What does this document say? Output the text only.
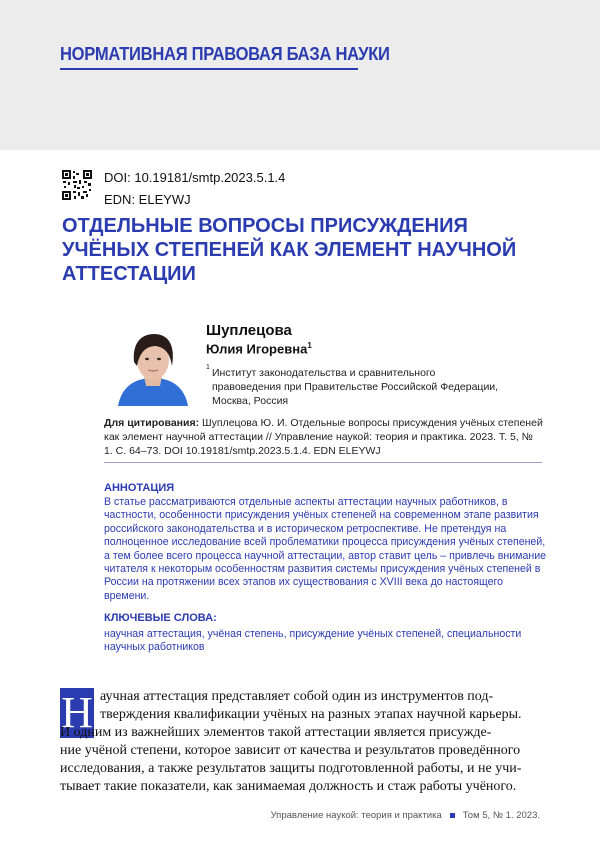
НОРМАТИВНАЯ ПРАВОВАЯ БАЗА НАУКИ
DOI: 10.19181/smtp.2023.5.1.4
EDN: ELEYWJ
ОТДЕЛЬНЫЕ ВОПРОСЫ ПРИСУЖДЕНИЯ УЧЁНЫХ СТЕПЕНЕЙ КАК ЭЛЕМЕНТ НАУЧНОЙ АТТЕСТАЦИИ
Шуплецова
Юлия Игоревна$^1$
1 Институт законодательства и сравнительного правоведения при Правительстве Российской Федерации, Москва, Россия
Для цитирования: Шуплецова Ю. И. Отдельные вопросы присуждения учёных степеней как элемент научной аттестации // Управление наукой: теория и практика. 2023. Т. 5, № 1. С. 64–73. DOI 10.19181/smtp.2023.5.1.4. EDN ELEYWJ
АННОТАЦИЯ
В статье рассматриваются отдельные аспекты аттестации научных работников, в частности, особенности присуждения учёных степеней на современном этапе развития российского законодательства и в историческом ретроспективе. Не претендуя на полноценное исследование всей проблематики процесса присуждения учёных степеней, а тем более всего процесса научной аттестации, автор ставит цель – привлечь внимание читателя к некоторым особенностям развития системы присуждения учёных степеней в России на протяжении всех этапов их существования с XVIII века до настоящего времени.
КЛЮЧЕВЫЕ СЛОВА:
научная аттестация, учёная степень, присуждение учёных степеней, специальности научных работников
Н аучная аттестация представляет собой один из инструментов под-
тверждения квалификации учёных на разных этапах научной карьеры.
И одним из важнейших элементов такой аттестации является присужде-
ние учёной степени, которое зависит от качества и результатов проведённого
исследования, а также результатов защиты подготовленной работы, и не учи-
тывает такие показатели, как занимаемая должность и стаж работы учёного.
Управление наукой: теория и практика Том 5, № 1. 2023.
